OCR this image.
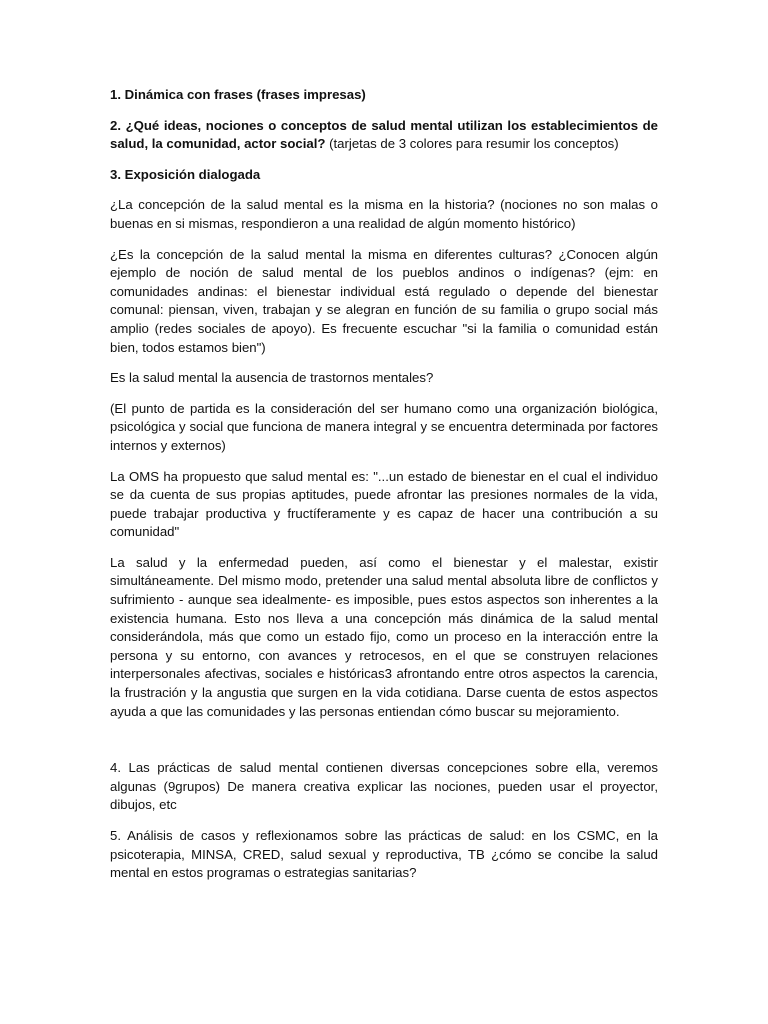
1. Dinámica con frases (frases impresas)

2. ¿Qué ideas, nociones o conceptos de salud mental utilizan los establecimientos de salud, la comunidad, actor social? (tarjetas de 3 colores para resumir los conceptos)

3. Exposición dialogada

¿La concepción de la salud mental es la misma en la historia? (nociones no son malas o buenas en si mismas, respondieron a una realidad de algún momento histórico)

¿Es la concepción de la salud mental la misma en diferentes culturas? ¿Conocen algún ejemplo de noción de salud mental de los pueblos andinos o indígenas? (ejm: en comunidades andinas: el bienestar individual está regulado o depende del bienestar comunal: piensan, viven, trabajan y se alegran en función de su familia o grupo social más amplio (redes sociales de apoyo). Es frecuente escuchar "si la familia o comunidad están bien, todos estamos bien")

Es la salud mental la ausencia de trastornos mentales?

(El punto de partida es la consideración del ser humano como una organización biológica, psicológica y social que funciona de manera integral y se encuentra determinada por factores internos y externos)

La OMS ha propuesto que salud mental es: "...un estado de bienestar en el cual el individuo se da cuenta de sus propias aptitudes, puede afrontar las presiones normales de la vida, puede trabajar productiva y fructíferamente y es capaz de hacer una contribución a su comunidad"

La salud y la enfermedad pueden, así como el bienestar y el malestar, existir simultáneamente. Del mismo modo, pretender una salud mental absoluta libre de conflictos y sufrimiento - aunque sea idealmente- es imposible, pues estos aspectos son inherentes a la existencia humana. Esto nos lleva a una concepción más dinámica de la salud mental considerándola, más que como un estado fijo, como un proceso en la interacción entre la persona y su entorno, con avances y retrocesos, en el que se construyen relaciones interpersonales afectivas, sociales e históricas3 afrontando entre otros aspectos la carencia, la frustración y la angustia que surgen en la vida cotidiana. Darse cuenta de estos aspectos ayuda a que las comunidades y las personas entiendan cómo buscar su mejoramiento.

4. Las prácticas de salud mental contienen diversas concepciones sobre ella, veremos algunas (9grupos) De manera creativa explicar las nociones, pueden usar el proyector, dibujos, etc

5. Análisis de casos y reflexionamos sobre las prácticas de salud: en los CSMC, en la psicoterapia, MINSA, CRED, salud sexual y reproductiva, TB ¿cómo se concibe la salud mental en estos programas o estrategias sanitarias?
